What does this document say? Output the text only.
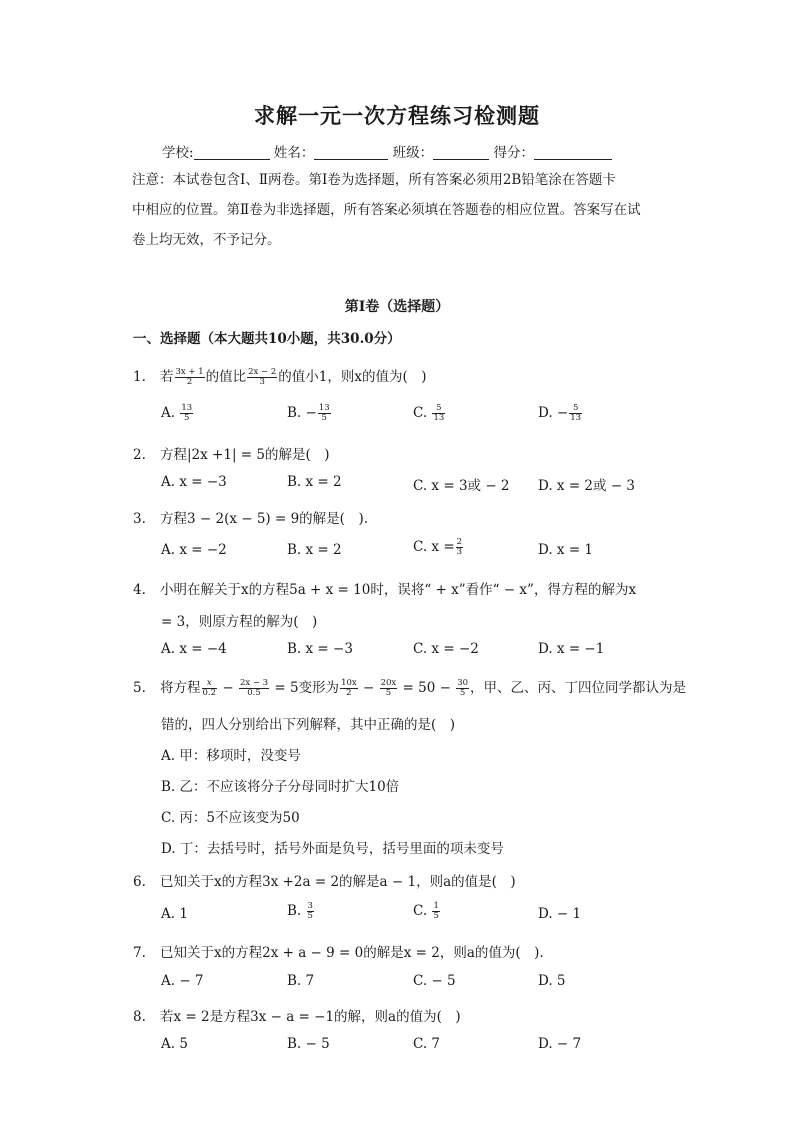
求解一元一次方程练习检测题
学校:	姓名：	班级：	得分：
注意：本试卷包含Ⅰ、Ⅱ两卷。第Ⅰ卷为选择题，所有答案必须用2B铅笔涂在答题卡
中相应的位置。第Ⅱ卷为非选择题，所有答案必须填在答题卷的相应位置。答案写在试
卷上均无效，不予记分。
第Ⅰ卷（选择题）
一、选择题（本大题共10小题，共30.0分）
1. 若 $\frac{3x + 1}{2}$ 的值比 $\frac{2x - 2}{3}$ 的值小1，则x的值为(　)
A. $\frac{13}{5}$	B. − $\frac{13}{5}$	C. $\frac{5}{13}$	D. − $\frac{5}{13}$
2. 方程|2x +1| = 5的解是(　)
A. x = −3	B. x = 2	C. x = 3或 − 2 D. x = 2或 − 3
3. 方程3 − 2(x − 5) = 9的解是(　).
A. x = −2	B. x = 2	C. $x = \frac{2}{3}$	D. x = 1
4. 小明在解关于x的方程5a + x = 10时，误将“ + x”看作“ − x”，得方程的解为x
= 3，则原方程的解为(　)
A. x = −4	B. x = −3	C. x = −2	D. x = −1
5. 将方程 $\frac{x}{0.2} - \frac{2x - 3}{0.5} = 5$变形为 $\frac{10x}{2} - \frac{20x}{5} = 50 - \frac{30}{5}$ ，甲、乙、丙、丁四位同学都认为是
错的，四人分别给出下列解释，其中正确的是(　)
A. 甲：移项时，没变号
B. 乙：不应该将分子分母同时扩大10倍
C. 丙：5不应该变为50
D. 丁：去括号时，括号外面是负号，括号里面的项未变号
6. 已知关于x的方程3x +2a = 2的解是a − 1，则a的值是(　)
A. 1	B. $\frac{3}{5}$	C. $\frac{1}{5}$	D. − 1
7. 已知关于x的方程2x + a − 9 = 0的解是x = 2，则a的值为(　).
A. − 7	B. 7	C. − 5	D. 5
8. 若x = 2是方程3x − a = −1的解，则a的值为(　)
A. 5	B. − 5	C. 7	D. − 7
